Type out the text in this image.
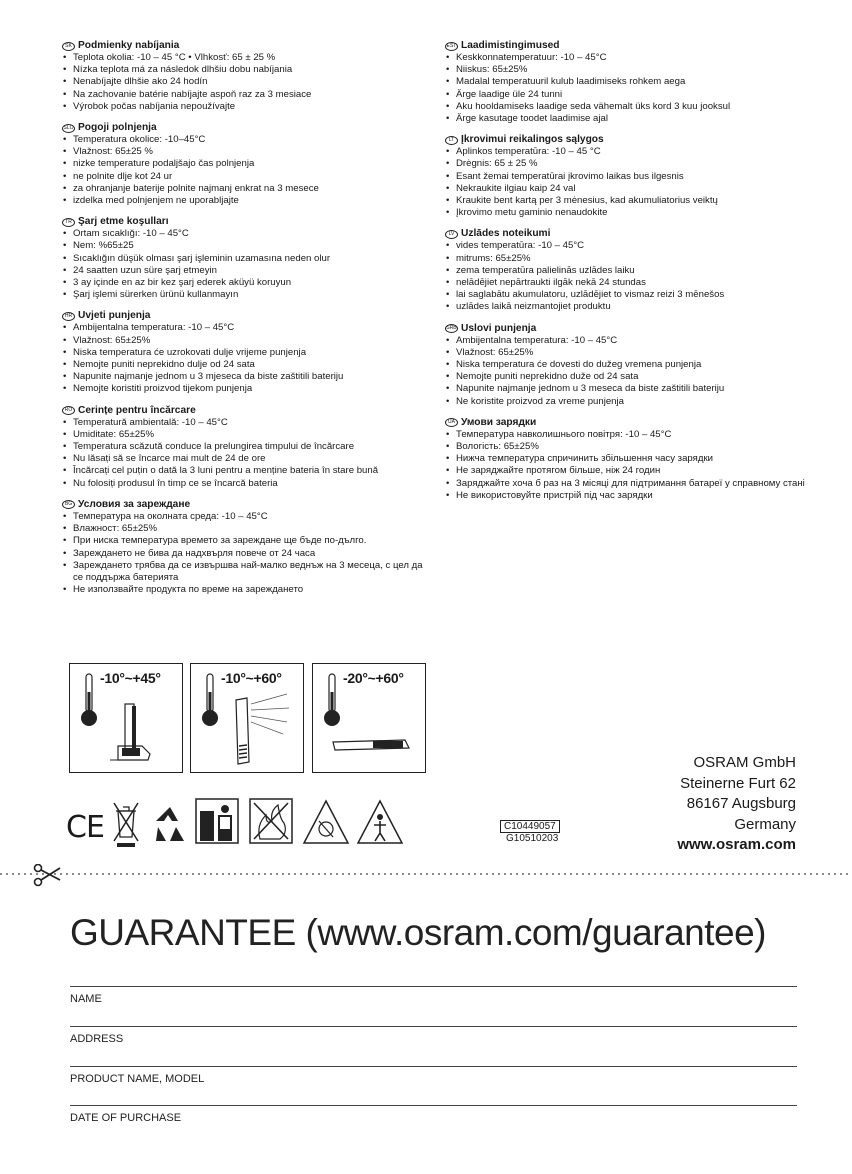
SK Podmienky nabíjania
• Teplota okolia: -10 – 45 °C • Vlhkosť: 65 ± 25 %
• Nízka teplota má za následok dlhšiu dobu nabíjania
• Nenabíjajte dlhšie ako 24 hodín
• Na zachovanie batérie nabíjajte aspoň raz za 3 mesiace
• Výrobok počas nabíjania nepoužívajte
SLO Pogoji polnjenja
• Temperatura okolice: -10–45°C
• Vlažnost: 65±25 %
• nizke temperature podaljšajo čas polnjenja
• ne polnite dlje kot 24 ur
• za ohranjanje baterije polnite najmanj enkrat na 3 mesece
• izdelka med polnjenjem ne uporabljajte
TR Şarj etme koşulları
• Ortam sıcaklığı: -10 – 45°C
• Nem: %65±25
• Sıcaklığın düşük olması şarj işleminin uzamasına neden olur
• 24 saatten uzun süre şarj etmeyin
• 3 ay içinde en az bir kez şarj ederek aküyü koruyun
• Şarj işlemi sürerken ürünü kullanmayın
HR Uvjeti punjenja
• Ambijentalna temperatura: -10 – 45°C
• Vlažnost: 65±25%
• Niska temperatura će uzrokovati dulje vrijeme punjenja
• Nemojte puniti neprekidno dulje od 24 sata
• Napunite najmanje jednom u 3 mjeseca da biste zaštitili bateriju
• Nemojte koristiti proizvod tijekom punjenja
RO Cerințe pentru încărcare
• Temperatură ambientală: -10 – 45°C
• Umiditate: 65±25%
• Temperatura scăzută conduce la prelungirea timpului de încărcare
• Nu lăsați să se încarce mai mult de 24 de ore
• Încărcați cel puțin o dată la 3 luni pentru a menține bateria în stare bună
• Nu folosiți produsul în timp ce se încarcă bateria
BG Условия за зареждане
• Температура на околната среда: -10 – 45°C
• Влажност: 65±25%
• При ниска температура времето за зареждане ще бъде по-дълго.
• Зареждането не бива да надхвърля повече от 24 часа
• Зареждането трябва да се извършва най-малко веднъж на 3 месеца, с цел да се поддържа батерията
• Не използвайте продукта по време на зареждането
EST Laadimistingimused
• Keskkonnatemperatuur: -10 – 45°C
• Niiskus: 65±25%
• Madalal temperatuuril kulub laadimiseks rohkem aega
• Ärge laadige üle 24 tunni
• Aku hooldamiseks laadige seda vähemalt üks kord 3 kuu jooksul
• Ärge kasutage toodet laadimise ajal
LT Įkrovimui reikalingos sąlygos
• Aplinkos temperatūra: -10 – 45 °C
• Drėgnis: 65 ± 25 %
• Esant žemai temperatūrai įkrovimo laikas bus ilgesnis
• Nekraukite ilgiau kaip 24 val
• Kraukite bent kartą per 3 mėnesius, kad akumuliatorius veiktų
• Įkrovimo metu gaminio nenaudokite
LV Uzlādes noteikumi
• vides temperatūra: -10 – 45°C
• mitrums: 65±25%
• zema temperatūra palielinās uzlādes laiku
• nelādējiet nepārtraukti ilgāk nekā 24 stundas
• lai saglabātu akumulatoru, uzlādējiet to vismaz reizi 3 mēnešos
• uzlādes laikā neizmantojiet produktu
SRB Uslovi punjenja
• Ambijentalna temperatura: -10 – 45°C
• Vlažnost: 65±25%
• Niska temperatura će dovesti do dužeg vremena punjenja
• Nemojte puniti neprekidno duže od 24 sata
• Napunite najmanje jednom u 3 meseca da biste zaštitili bateriju
• Ne koristite proizvod za vreme punjenja
UA Умови зарядки
• Температура навколишнього повітря: -10 – 45°C
• Вологість: 65±25%
• Нижча температура спричинить збільшення часу зарядки
• Не заряджайте протягом більше, ніж 24 годин
• Заряджайте хоча б раз на 3 місяці для підтримання батареї у справному стані
• Не використовуйте пристрій під час зарядки
-10°~+45°	-10°~+60°	-20°~+60°
OSRAM GmbH
Steinerne Furt 62
86167 Augsburg
Germany
www.osram.com
C10449057
G10510203
CE
GUARANTEE (www.osram.com/guarantee)
NAME
ADDRESS
PRODUCT NAME, MODEL
DATE OF PURCHASE
